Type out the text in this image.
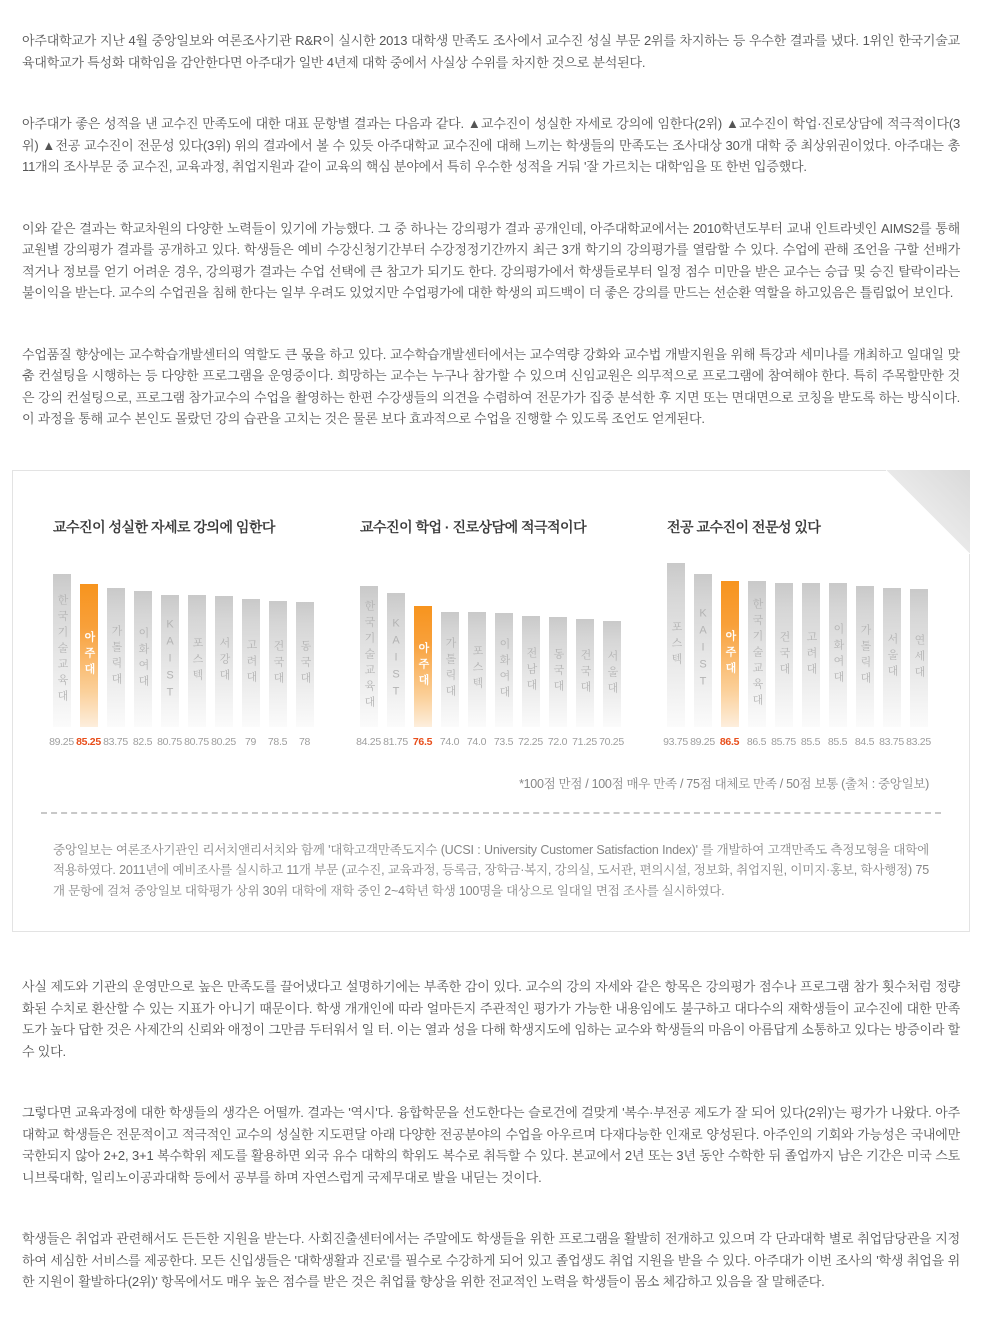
아주대학교가 지난 4월 중앙일보와 여론조사기관 R&R이 실시한 2013 대학생 만족도 조사에서 교수진 성실 부문 2위를 차지하는 등 우수한 결과를 냈다. 1위인 한국기술교육대학교가 특성화 대학임을 감안한다면 아주대가 일반 4년제 대학 중에서 사실상 수위를 차지한 것으로 분석된다.

아주대가 좋은 성적을 낸 교수진 만족도에 대한 대표 문항별 결과는 다음과 같다. ▲교수진이 성실한 자세로 강의에 임한다(2위) ▲교수진이 학업·진로상담에 적극적이다(3위) ▲전공 교수진이 전문성 있다(3위) 위의 결과에서 볼 수 있듯 아주대학교 교수진에 대해 느끼는 학생들의 만족도는 조사대상 30개 대학 중 최상위권이었다. 아주대는 총 11개의 조사부문 중 교수진, 교육과정, 취업지원과 같이 교육의 핵심 분야에서 특히 우수한 성적을 거둬 '잘 가르치는 대학'임을 또 한번 입증했다.

이와 같은 결과는 학교차원의 다양한 노력들이 있기에 가능했다. 그 중 하나는 강의평가 결과 공개인데, 아주대학교에서는 2010학년도부터 교내 인트라넷인 AIMS2를 통해 교원별 강의평가 결과를 공개하고 있다. 학생들은 예비 수강신청기간부터 수강정정기간까지 최근 3개 학기의 강의평가를 열람할 수 있다. 수업에 관해 조언을 구할 선배가 적거나 정보를 얻기 어려운 경우, 강의평가 결과는 수업 선택에 큰 참고가 되기도 한다. 강의평가에서 학생들로부터 일정 점수 미만을 받은 교수는 승급 및 승진 탈락이라는 불이익을 받는다. 교수의 수업권을 침해 한다는 일부 우려도 있었지만 수업평가에 대한 학생의 피드백이 더 좋은 강의를 만드는 선순환 역할을 하고있음은 틀림없어 보인다.

수업품질 향상에는 교수학습개발센터의 역할도 큰 몫을 하고 있다. 교수학습개발센터에서는 교수역량 강화와 교수법 개발지원을 위해 특강과 세미나를 개최하고 일대일 맞춤 컨설팅을 시행하는 등 다양한 프로그램을 운영중이다. 희망하는 교수는 누구나 참가할 수 있으며 신임교원은 의무적으로 프로그램에 참여해야 한다. 특히 주목할만한 것은 강의 컨설팅으로, 프로그램 참가교수의 수업을 촬영하는 한편 수강생들의 의견을 수렴하여 전문가가 집중 분석한 후 지면 또는 면대면으로 코칭을 받도록 하는 방식이다. 이 과정을 통해 교수 본인도 몰랐던 강의 습관을 고치는 것은 물론 보다 효과적으로 수업을 진행할 수 있도록 조언도 얻게된다.

교수진이 성실한 자세로 강의에 임한다
한국기술교육대 아주대 가톨릭대 이화여대 KAIST 포스텍 서강대 고려대 건국대 동국대
89.25 85.25 83.75 82.5 80.75 80.75 80.25 79	78.5	78
교수진이 학업 · 진로상담에 적극적이다
한국기술교육대 KAIST 아주대 가톨릭대 포스텍 이화여대 전남대 동국대 건국대 서울대
84.25 81.75 76.5 74.0 74.0 73.5 72.25 72.0 71.25 70.25
전공 교수진이 전문성 있다
포스텍 KAIST 아주대 한국기술교육대 건국대 고려대 이화여대 가톨릭대 서울대 연세대
93.75 89.25 86.5 86.5 85.75 85.5 85.5 84.5 83.75 83.25
*100점 만점 / 100점 매우 만족 / 75점 대체로 만족 / 50점 보통 (출처 : 중앙일보)

중앙일보는 여론조사기관인 리서치앤리서치와 함께 '대학고객만족도지수 (UCSI : University Customer Satisfaction Index)' 를 개발하여 고객만족도 측정모형을 대학에 적용하였다. 2011년에 예비조사를 실시하고 11개 부문 (교수진, 교육과정, 등록금, 장학금·복지, 강의실, 도서관, 편의시설, 정보화, 취업지원, 이미지·홍보, 학사행정) 75개 문항에 걸쳐 중앙일보 대학평가 상위 30위 대학에 재학 중인 2~4학년 학생 100명을 대상으로 일대일 면접 조사를 실시하였다.

사실 제도와 기관의 운영만으로 높은 만족도를 끌어냈다고 설명하기에는 부족한 감이 있다. 교수의 강의 자세와 같은 항목은 강의평가 점수나 프로그램 참가 횟수처럼 정량화된 수치로 환산할 수 있는 지표가 아니기 때문이다. 학생 개개인에 따라 얼마든지 주관적인 평가가 가능한 내용임에도 불구하고 대다수의 재학생들이 교수진에 대한 만족도가 높다 답한 것은 사제간의 신뢰와 애정이 그만큼 두터워서 일 터. 이는 열과 성을 다해 학생지도에 임하는 교수와 학생들의 마음이 아름답게 소통하고 있다는 방증이라 할 수 있다.

그렇다면 교육과정에 대한 학생들의 생각은 어떨까. 결과는 '역시'다. 융합학문을 선도한다는 슬로건에 걸맞게 '복수·부전공 제도가 잘 되어 있다(2위)'는 평가가 나왔다. 아주대학교 학생들은 전문적이고 적극적인 교수의 성실한 지도편달 아래 다양한 전공분야의 수업을 아우르며 다재다능한 인재로 양성된다. 아주인의 기회와 가능성은 국내에만 국한되지 않아 2+2, 3+1 복수학위 제도를 활용하면 외국 유수 대학의 학위도 복수로 취득할 수 있다. 본교에서 2년 또는 3년 동안 수학한 뒤 졸업까지 남은 기간은 미국 스토니브룩대학, 일리노이공과대학 등에서 공부를 하며 자연스럽게 국제무대로 발을 내딛는 것이다.

학생들은 취업과 관련해서도 든든한 지원을 받는다. 사회진출센터에서는 주말에도 학생들을 위한 프로그램을 활발히 전개하고 있으며 각 단과대학 별로 취업담당관을 지정하여 세심한 서비스를 제공한다. 모든 신입생들은 '대학생활과 진로'를 필수로 수강하게 되어 있고 졸업생도 취업 지원을 받을 수 있다. 아주대가 이번 조사의 '학생 취업을 위한 지원이 활발하다(2위)' 항목에서도 매우 높은 점수를 받은 것은 취업률 향상을 위한 전교적인 노력을 학생들이 몸소 체감하고 있음을 잘 말해준다.
